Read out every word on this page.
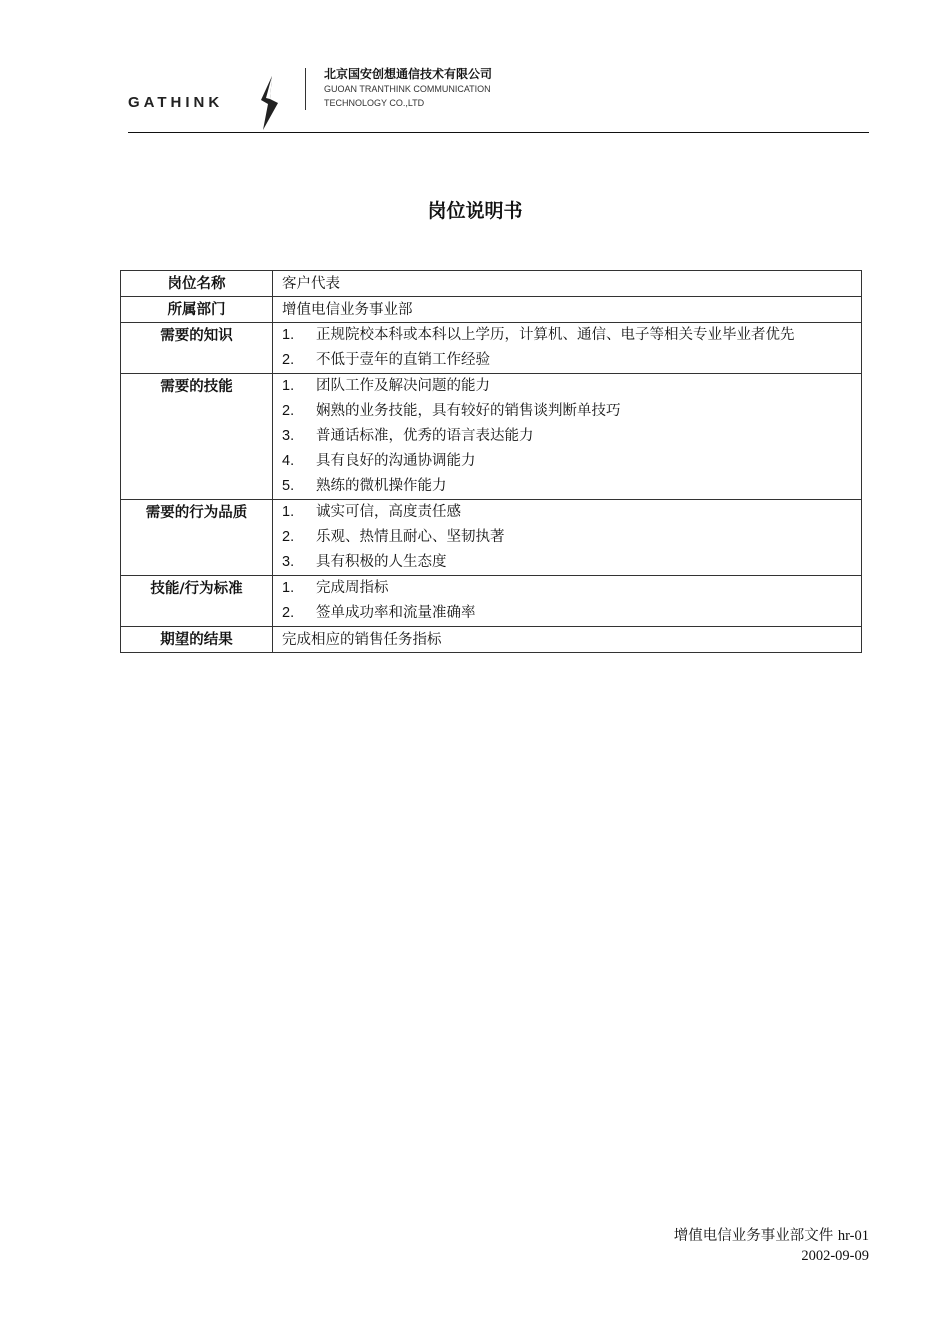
GATHINK
北京国安创想通信技术有限公司
GUOAN TRANTHINK COMMUNICATION
TECHNOLOGY CO.,LTD
岗位说明书
岗位名称	客户代表

所属部门	增值电信业务事业部

需要的知识	1. 正规院校本科或本科以上学历，计算机、通信、电子等相关专业毕业者优先
2. 不低于壹年的直销工作经验

需要的技能	1. 团队工作及解决问题的能力
2. 娴熟的业务技能，具有较好的销售谈判断单技巧
3. 普通话标准，优秀的语言表达能力
4. 具有良好的沟通协调能力
5. 熟练的微机操作能力

需要的行为品质	1. 诚实可信，高度责任感
2. 乐观、热情且耐心、坚韧执著
3. 具有积极的人生态度

技能/行为标准	1. 完成周指标
2. 签单成功率和流量准确率

期望的结果	完成相应的销售任务指标
增值电信业务事业部文件 hr-01
2002-09-09
